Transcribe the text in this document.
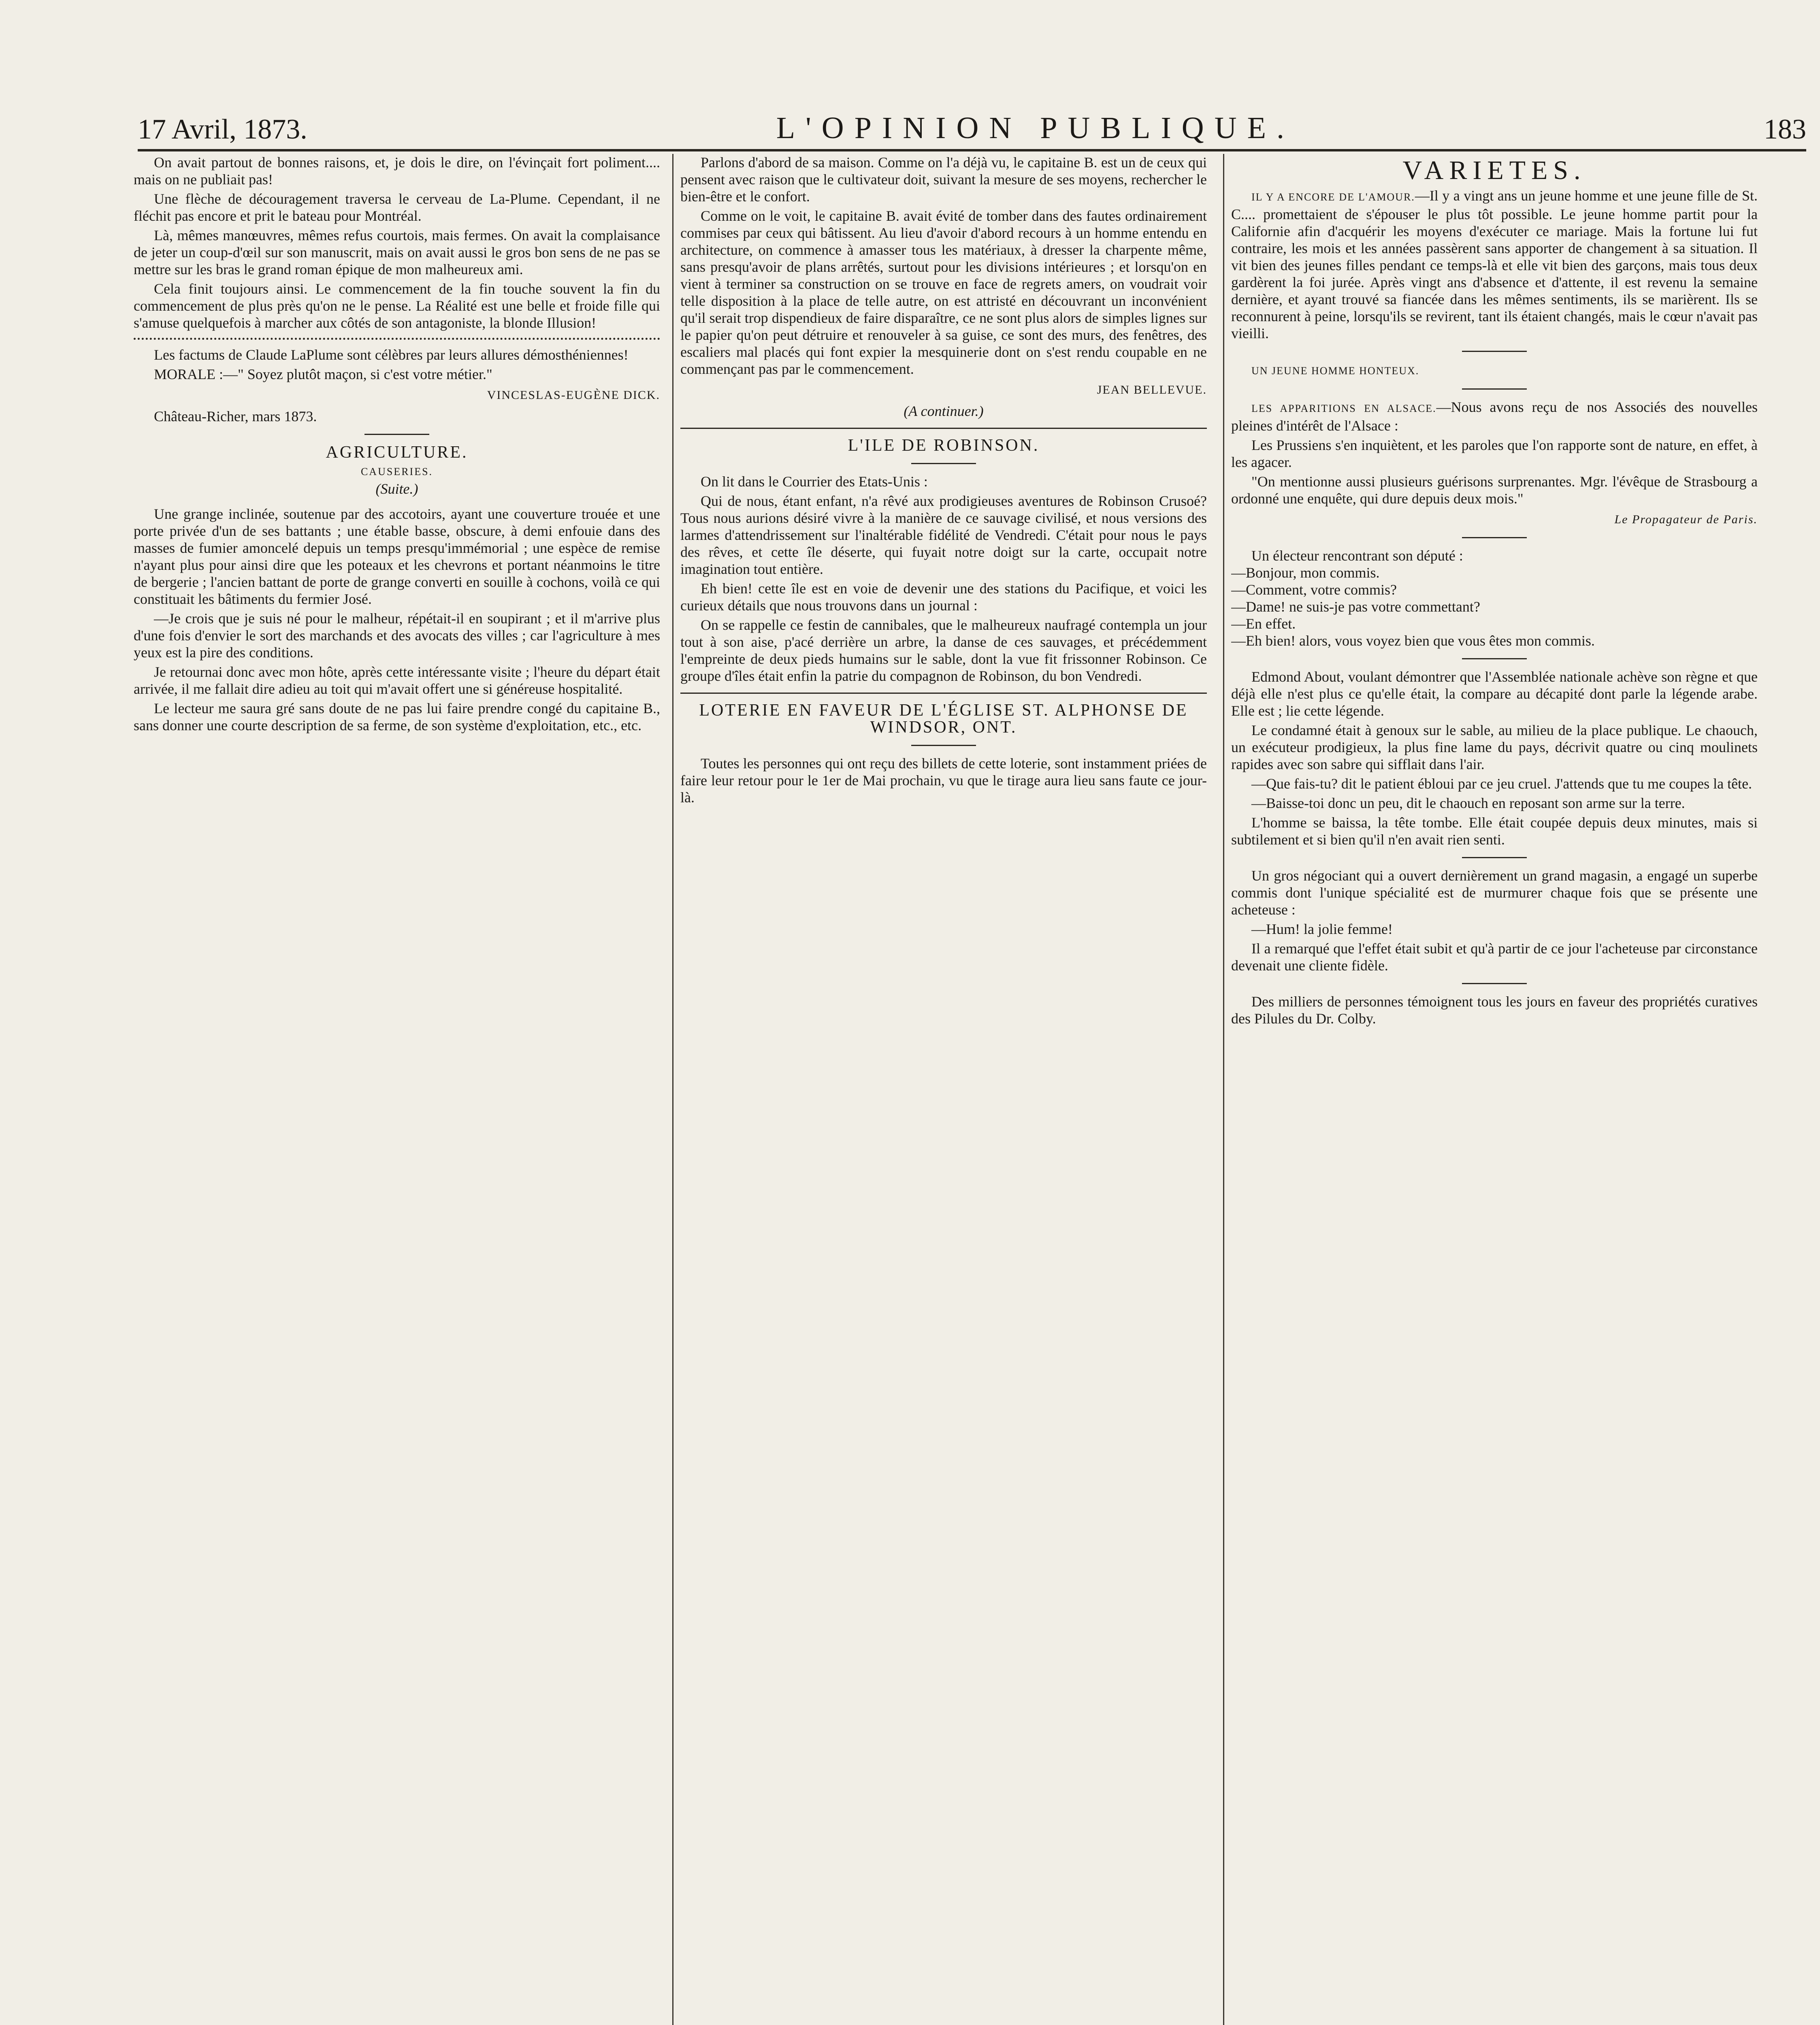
17 Avril, 1873.	L'OPINION PUBLIQUE.	183

On avait partout de bonnes raisons, et, je dois le dire, on l'évinçait fort poliment.... mais on ne publiait pas!

Une flèche de découragement traversa le cerveau de La-Plume. Cependant, il ne fléchit pas encore et prit le bateau pour Montréal.

Là, mêmes manœuvres, mêmes refus courtois, mais fermes. On avait la complaisance de jeter un coup-d'œil sur son manuscrit, mais on avait aussi le gros bon sens de ne pas se mettre sur les bras le grand roman épique de mon malheureux ami.

Cela finit toujours ainsi. Le commencement de la fin touche souvent la fin du commencement de plus près qu'on ne le pense. La Réalité est une belle et froide fille qui s'amuse quelquefois à marcher aux côtés de son antagoniste, la blonde Illusion!

Les factums de Claude LaPlume sont célèbres par leurs allures démosthéniennes!

MORALE :—" Soyez plutôt maçon, si c'est votre métier."

VINCESLAS-EUGÈNE DICK.

Château-Richer, mars 1873.

AGRICULTURE.
CAUSERIES.
(Suite.)

Une grange inclinée, soutenue par des accotoirs, ayant une couverture trouée et une porte privée d'un de ses battants ; une étable basse, obscure, à demi enfouie dans des masses de fumier amoncelé depuis un temps presqu'immémorial ; une espèce de remise n'ayant plus pour ainsi dire que les poteaux et les chevrons et portant néanmoins le titre de bergerie ; l'ancien battant de porte de grange converti en souille à cochons, voilà ce qui constituait les bâtiments du fermier José.

—Je crois que je suis né pour le malheur, répétait-il en soupirant ; et il m'arrive plus d'une fois d'envier le sort des marchands et des avocats des villes ; car l'agriculture à mes yeux est la pire des conditions.

Je retournai donc avec mon hôte, après cette intéressante visite ; l'heure du départ était arrivée, il me fallait dire adieu au toit qui m'avait offert une si généreuse hospitalité.

Le lecteur me saura gré sans doute de ne pas lui faire prendre congé du capitaine B., sans donner une courte description de sa ferme, de son système d'exploitation, etc., etc.

Parlons d'abord de sa maison. Comme on l'a déjà vu, le capitaine B. est un de ceux qui pensent avec raison que le cultivateur doit, suivant la mesure de ses moyens, rechercher le bien-être et le confort.

Comme on le voit, le capitaine B. avait évité de tomber dans des fautes ordinairement commises par ceux qui bâtissent. Au lieu d'avoir d'abord recours à un homme entendu en architecture, on commence à amasser tous les matériaux, à dresser la charpente même, sans presqu'avoir de plans arrêtés, surtout pour les divisions intérieures ; et lorsqu'on en vient à terminer sa construction on se trouve en face de regrets amers, on voudrait voir telle disposition à la place de telle autre, on est attristé en découvrant un inconvénient qu'il serait trop dispendieux de faire disparaître, ce ne sont plus alors de simples lignes sur le papier qu'on peut détruire et renouveler à sa guise, ce sont des murs, des fenêtres, des escaliers mal placés qui font expier la mesquinerie dont on s'est rendu coupable en ne commençant pas par le commencement.

JEAN BELLEVUE.
(A continuer.)
L'ILE DE ROBINSON.

On lit dans le Courrier des Etats-Unis :

Qui de nous, étant enfant, n'a rêvé aux prodigieuses aventures de Robinson Crusoé? Tous nous aurions désiré vivre à la manière de ce sauvage civilisé, et nous versions des larmes d'attendrissement sur l'inaltérable fidélité de Vendredi. C'était pour nous le pays des rêves, et cette île déserte, qui fuyait notre doigt sur la carte, occupait notre imagination tout entière.

Eh bien! cette île est en voie de devenir une des stations du Pacifique, et voici les curieux détails que nous trouvons dans un journal :

On se rappelle ce festin de cannibales, que le malheureux naufragé contempla un jour tout à son aise, p'acé derrière un arbre, la danse de ces sauvages, et précédemment l'empreinte de deux pieds humains sur le sable, dont la vue fit frissonner Robinson. Ce groupe d'îles était enfin la patrie du compagnon de Robinson, du bon Vendredi.

LOTERIE EN FAVEUR DE L'ÉGLISE ST. ALPHONSE DE WINDSOR, ONT.

Toutes les personnes qui ont reçu des billets de cette loterie, sont instamment priées de faire leur retour pour le 1er de Mai prochain, vu que le tirage aura lieu sans faute ce jour-là.

VARIETES.

IL Y A ENCORE DE L'AMOUR.—Il y a vingt ans un jeune homme et une jeune fille de St. C.... promettaient de s'épouser le plus tôt possible. Le jeune homme partit pour la Californie afin d'acquérir les moyens d'exécuter ce mariage. Mais la fortune lui fut contraire, les mois et les années passèrent sans apporter de changement à sa situation. Il vit bien des jeunes filles pendant ce temps-là et elle vit bien des garçons, mais tous deux gardèrent la foi jurée. Après vingt ans d'absence et d'attente, il est revenu la semaine dernière, et ayant trouvé sa fiancée dans les mêmes sentiments, ils se marièrent. Ils se reconnurent à peine, lorsqu'ils se revirent, tant ils étaient changés, mais le cœur n'avait pas vieilli.

UN JEUNE HOMME HONTEUX.

LES APPARITIONS EN ALSACE.—Nous avons reçu de nos Associés des nouvelles pleines d'intérêt de l'Alsace :

Les Prussiens s'en inquiètent, et les paroles que l'on rapporte sont de nature, en effet, à les agacer.

"On mentionne aussi plusieurs guérisons surprenantes. Mgr. l'évêque de Strasbourg a ordonné une enquête, qui dure depuis deux mois."

Le Propagateur de Paris.

Un électeur rencontrant son député :

—Bonjour, mon commis.

—Comment, votre commis?

—Dame! ne suis-je pas votre commettant?

—En effet.

—Eh bien! alors, vous voyez bien que vous êtes mon commis.

Edmond About, voulant démontrer que l'Assemblée nationale achève son règne et que déjà elle n'est plus ce qu'elle était, la compare au décapité dont parle la légende arabe. Elle est ; lie cette légende.

Le condamné était à genoux sur le sable, au milieu de la place publique. Le chaouch, un exécuteur prodigieux, la plus fine lame du pays, décrivit quatre ou cinq moulinets rapides avec son sabre qui sifflait dans l'air.

—Que fais-tu? dit le patient ébloui par ce jeu cruel. J'attends que tu me coupes la tête.

—Baisse-toi donc un peu, dit le chaouch en reposant son arme sur la terre.

L'homme se baissa, la tête tombe. Elle était coupée depuis deux minutes, mais si subtilement et si bien qu'il n'en avait rien senti.

Un gros négociant qui a ouvert dernièrement un grand magasin, a engagé un superbe commis dont l'unique spécialité est de murmurer chaque fois que se présente une acheteuse :

—Hum! la jolie femme!

Il a remarqué que l'effet était subit et qu'à partir de ce jour l'acheteuse par circonstance devenait une cliente fidèle.

Des milliers de personnes témoignent tous les jours en faveur des propriétés curatives des Pilules du Dr. Colby.
